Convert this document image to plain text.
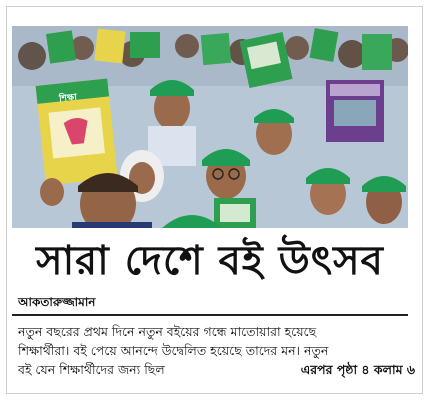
শিক্ষা
সারা দেশে বই উৎসব
আকতারুজ্জামান
নতুন বছরের প্রথম দিনে নতুন বইয়ের গন্ধে মাতোয়ারা হয়েছে
শিক্ষার্থীরা। বই পেয়ে আনন্দে উদ্বেলিত হয়েছে তাদের মন। নতুন
বই যেন শিক্ষার্থীদের জন্য ছিল	এরপর পৃষ্ঠা ৪ কলাম ৬
